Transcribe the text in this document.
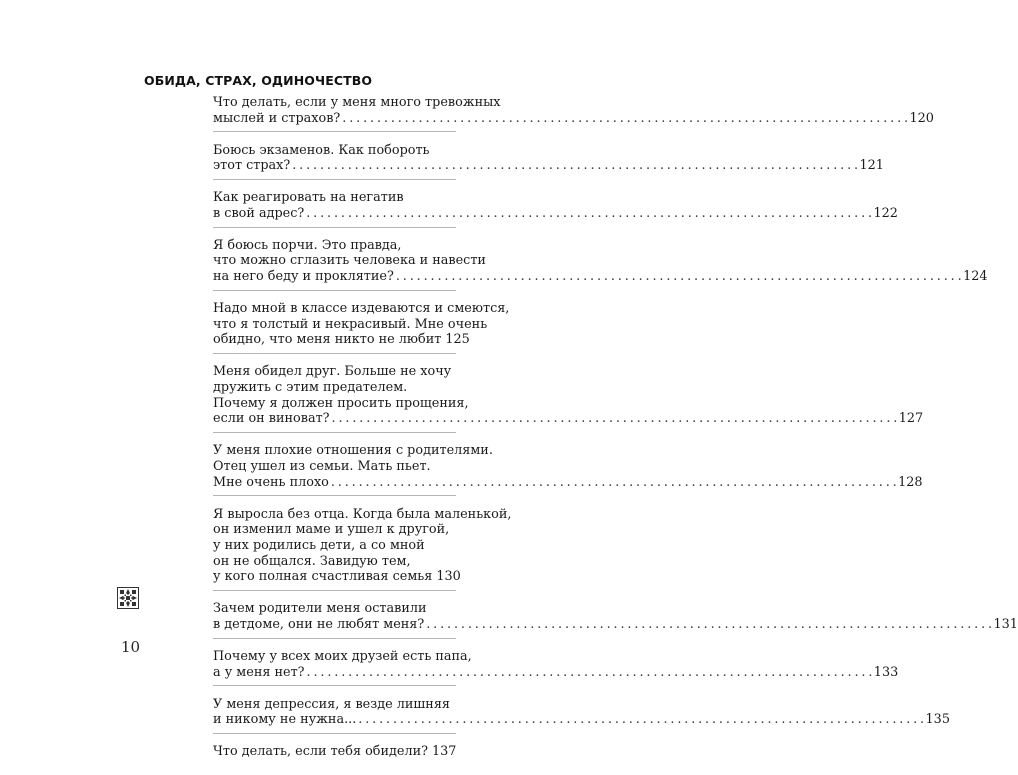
ОБИДА, СТРАХ, ОДИНОЧЕСТВО
Что делать, если у меня много тревожных
мыслей и страхов? . . .	120
Боюсь экзаменов. Как побороть
этот страх? . . .	121
Как реагировать на негатив
в свой адрес? . . .	122
Я боюсь порчи. Это правда,
что можно сглазить человека и навести
на него беду и проклятие? . . .	124
Надо мной в классе издеваются и смеются,
что я толстый и некрасивый. Мне очень
обидно, что меня никто не любит 125
Меня обидел друг. Больше не хочу
дружить с этим предателем.
Почему я должен просить прощения,
если он виноват? . . .	127
У меня плохие отношения с родителями.
Отец ушел из семьи. Мать пьет.
Мне очень плохо . . .	128
Я выросла без отца. Когда была маленькой,
он изменил маме и ушел к другой,
у них родились дети, а со мной
он не общался. Завидую тем,
у кого полная счастливая семья 130
Зачем родители меня оставили
в детдоме, они не любят меня? . . .	131
Почему у всех моих друзей есть папа,
а у меня нет? . . .	133
У меня депрессия, я везде лишняя
и никому не нужна... . . .	135
Что делать, если тебя обидели? 137
10
